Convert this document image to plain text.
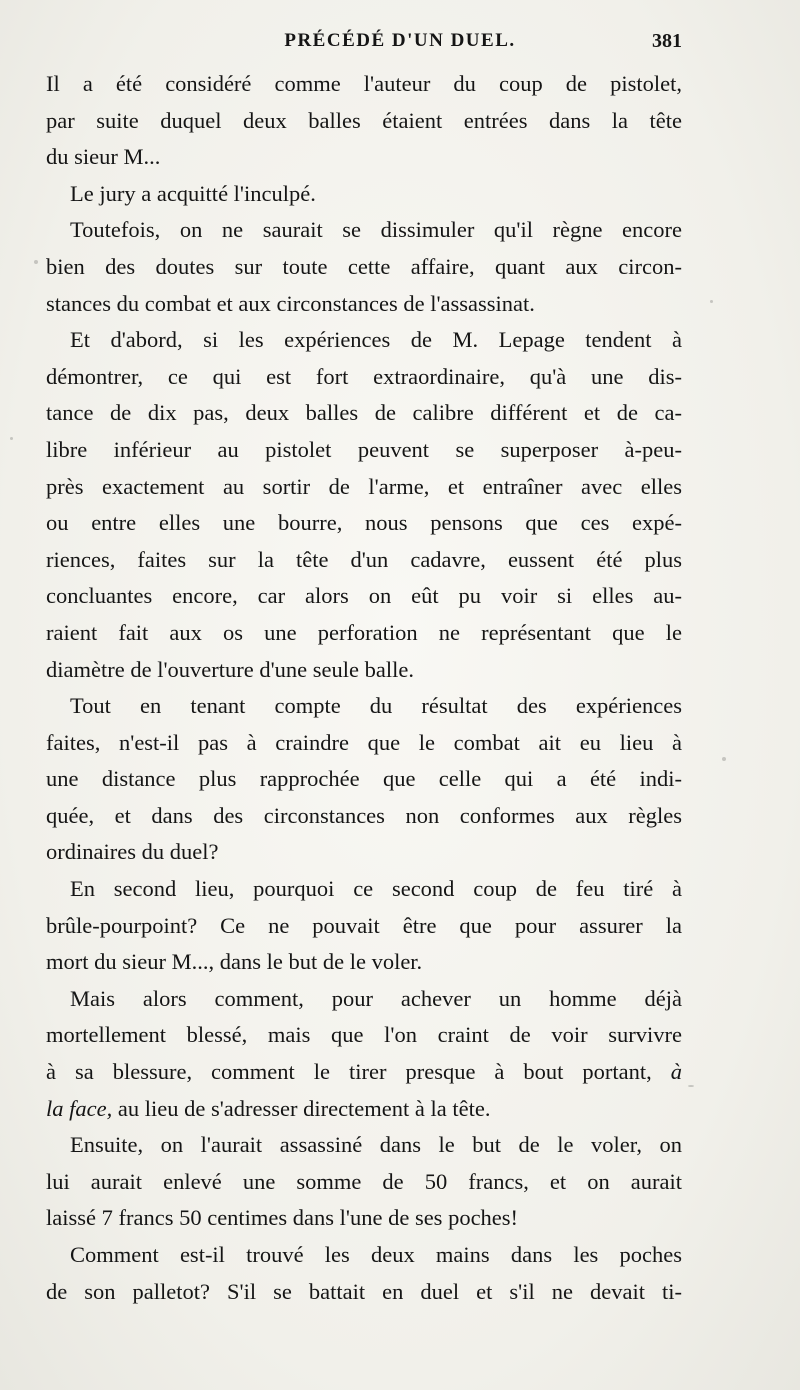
PRÉCÉDÉ D'UN DUEL.	381
Il a été considéré comme l'auteur du coup de pistolet,
par suite duquel deux balles étaient entrées dans la tête
du sieur M...
Le jury a acquitté l'inculpé.
Toutefois, on ne saurait se dissimuler qu'il règne encore
bien des doutes sur toute cette affaire, quant aux circon-
stances du combat et aux circonstances de l'assassinat.
Et d'abord, si les expériences de M. Lepage tendent à
démontrer, ce qui est fort extraordinaire, qu'à une dis-
tance de dix pas, deux balles de calibre différent et de ca-
libre inférieur au pistolet peuvent se superposer à-peu-
près exactement au sortir de l'arme, et entraîner avec elles
ou entre elles une bourre, nous pensons que ces expé-
riences, faites sur la tête d'un cadavre, eussent été plus
concluantes encore, car alors on eût pu voir si elles au-
raient fait aux os une perforation ne représentant que le
diamètre de l'ouverture d'une seule balle.
Tout en tenant compte du résultat des expériences
faites, n'est-il pas à craindre que le combat ait eu lieu à
une distance plus rapprochée que celle qui a été indi-
quée, et dans des circonstances non conformes aux règles
ordinaires du duel?
En second lieu, pourquoi ce second coup de feu tiré à
brûle-pourpoint? Ce ne pouvait être que pour assurer la
mort du sieur M..., dans le but de le voler.
Mais alors comment, pour achever un homme déjà
mortellement blessé, mais que l'on craint de voir survivre
à sa blessure, comment le tirer presque à bout portant, à
la face, au lieu de s'adresser directement à la tête.
Ensuite, on l'aurait assassiné dans le but de le voler, on
lui aurait enlevé une somme de 50 francs, et on aurait
laissé 7 francs 50 centimes dans l'une de ses poches!
Comment est-il trouvé les deux mains dans les poches
de son palletot? S'il se battait en duel et s'il ne devait ti-
